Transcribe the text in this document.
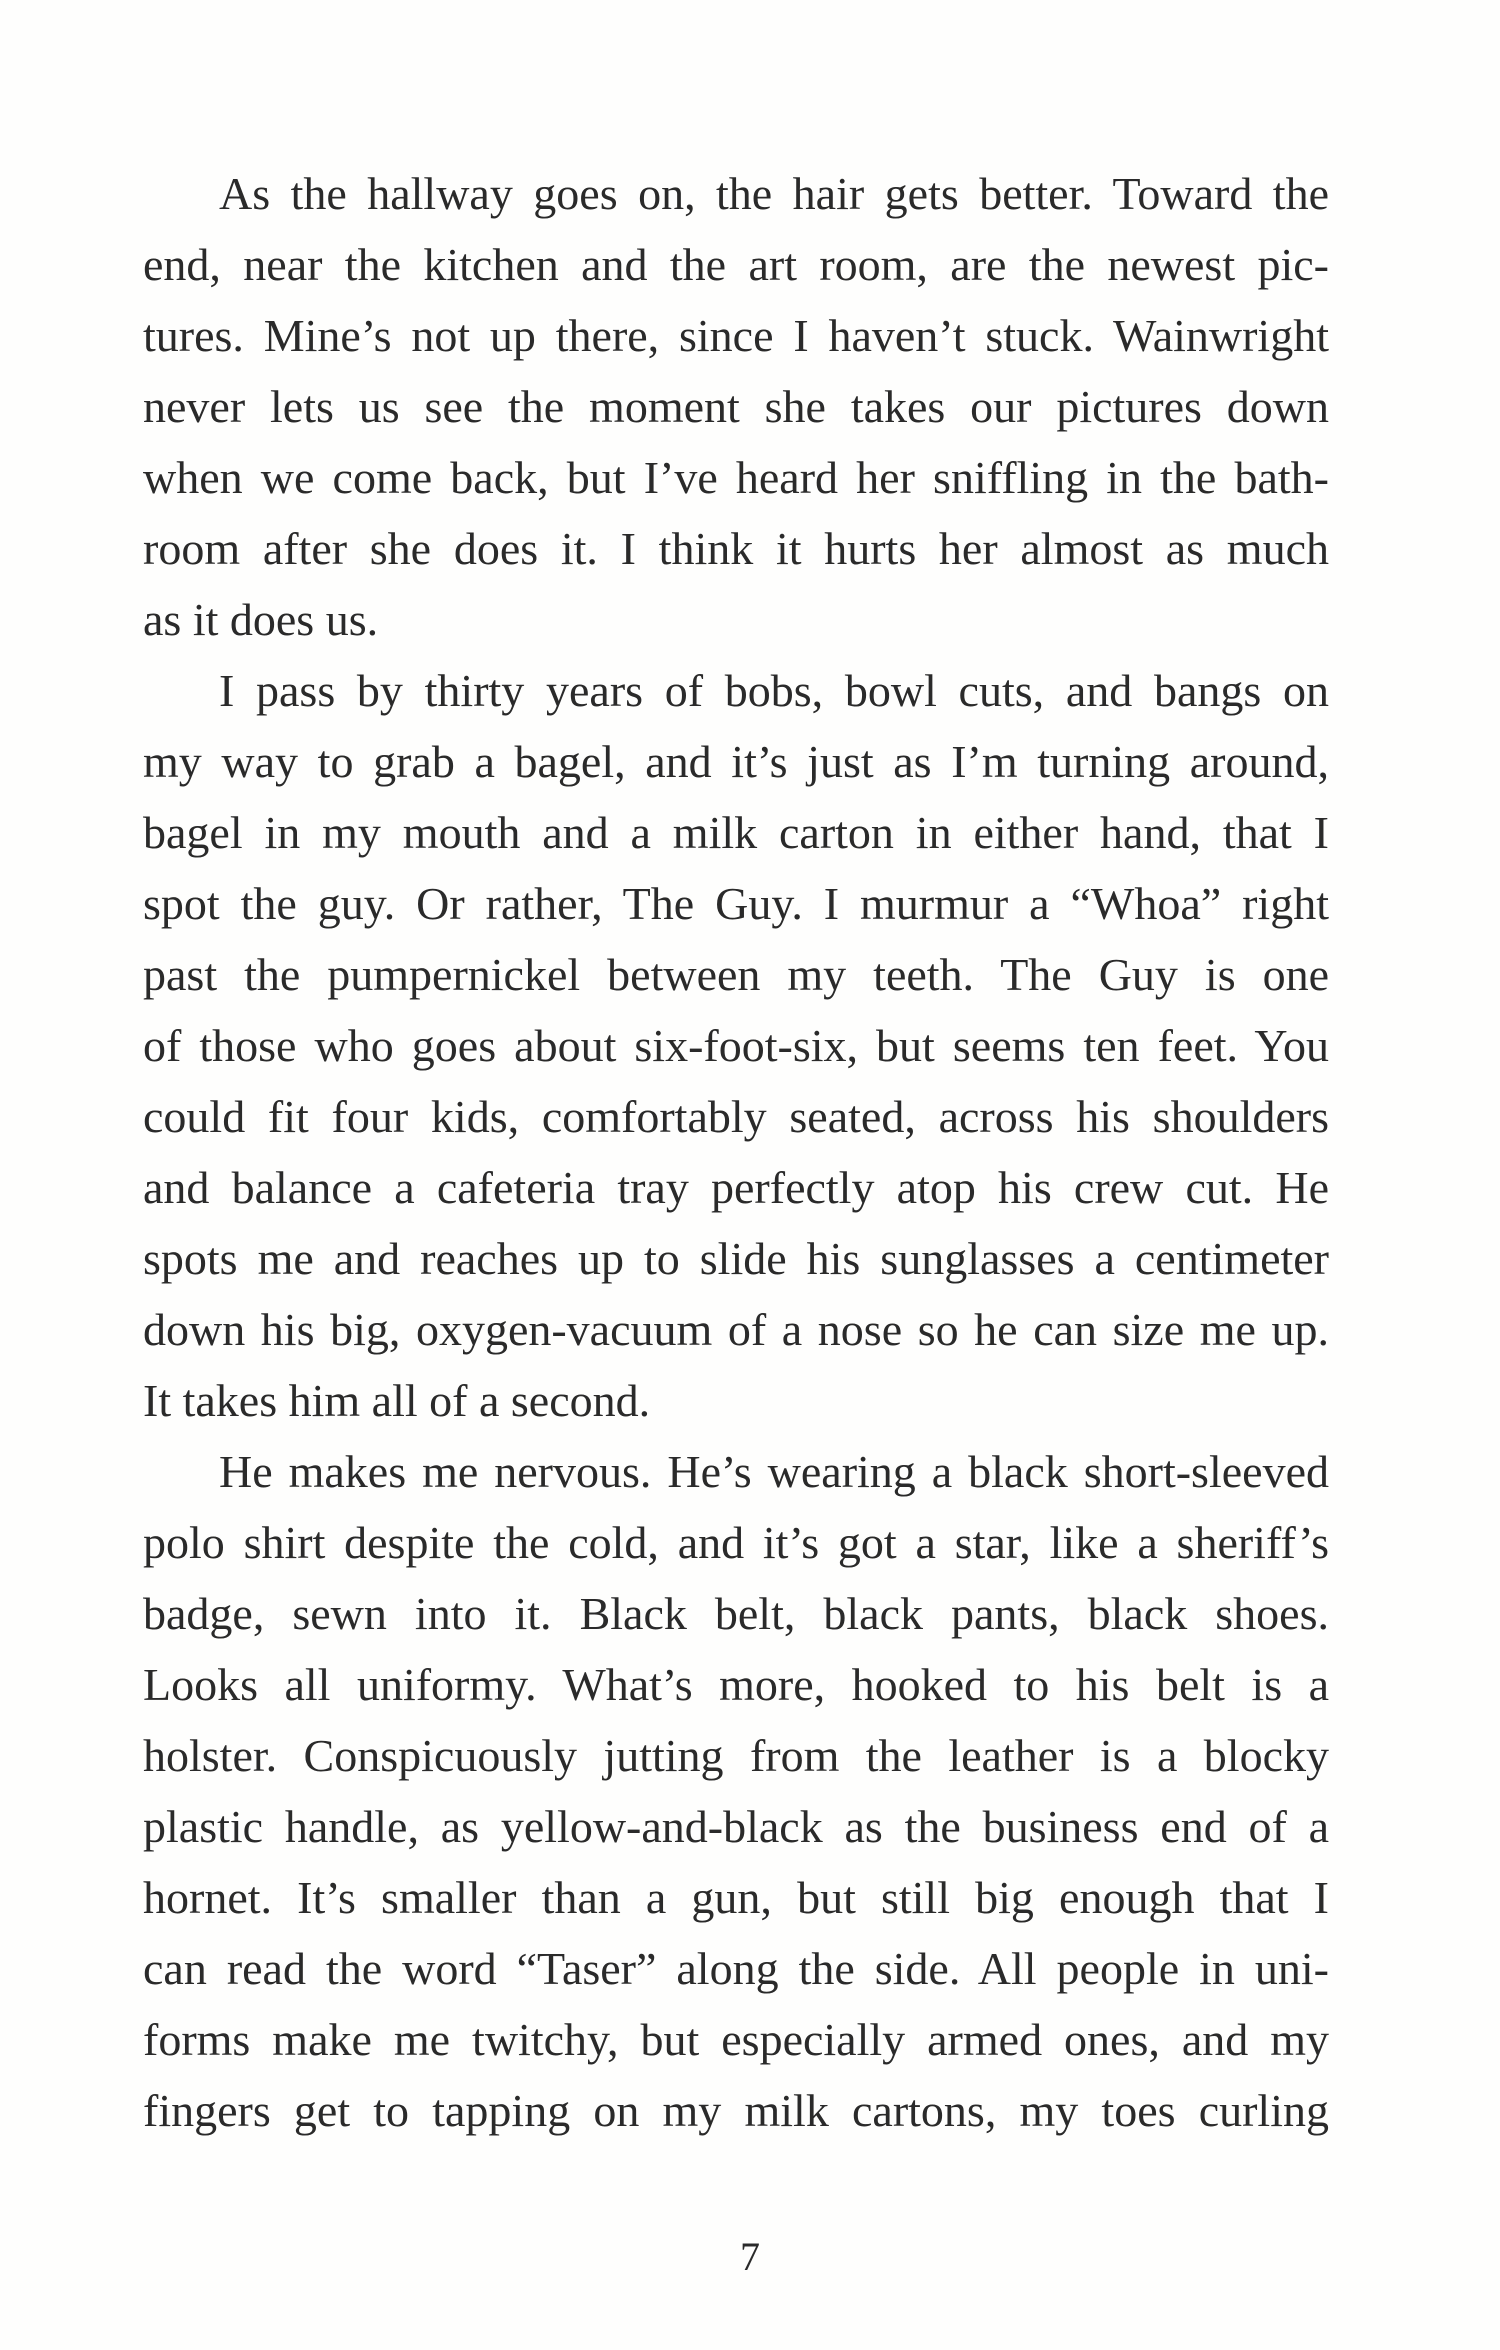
As the hallway goes on, the hair gets better. Toward the
end, near the kitchen and the art room, are the newest pic-
tures. Mine’s not up there, since I haven’t stuck. Wainwright
never lets us see the moment she takes our pictures down
when we come back, but I’ve heard her sniffling in the bath-
room after she does it. I think it hurts her almost as much
as it does us.
I pass by thirty years of bobs, bowl cuts, and bangs on
my way to grab a bagel, and it’s just as I’m turning around,
bagel in my mouth and a milk carton in either hand, that I
spot the guy. Or rather, The Guy. I murmur a “Whoa” right
past the pumpernickel between my teeth. The Guy is one
of those who goes about six-foot-six, but seems ten feet. You
could fit four kids, comfortably seated, across his shoulders
and balance a cafeteria tray perfectly atop his crew cut. He
spots me and reaches up to slide his sunglasses a centimeter
down his big, oxygen-vacuum of a nose so he can size me up.
It takes him all of a second.
He makes me nervous. He’s wearing a black short-sleeved
polo shirt despite the cold, and it’s got a star, like a sheriff’s
badge, sewn into it. Black belt, black pants, black shoes.
Looks all uniformy. What’s more, hooked to his belt is a
holster. Conspicuously jutting from the leather is a blocky
plastic handle, as yellow-and-black as the business end of a
hornet. It’s smaller than a gun, but still big enough that I
can read the word “Taser” along the side. All people in uni-
forms make me twitchy, but especially armed ones, and my
fingers get to tapping on my milk cartons, my toes curling
7
